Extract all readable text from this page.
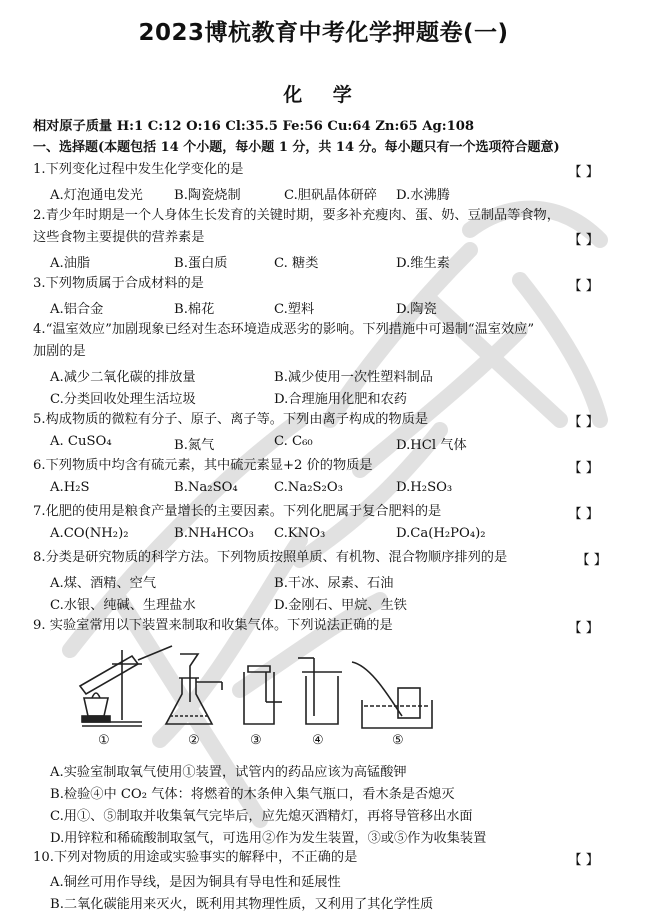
2023博杭教育中考化学押题卷(一)
化 学
相对原子质量 H:1 C:12 O:16 Cl:35.5 Fe:56 Cu:64 Zn:65 Ag:108
一、选择题(本题包括 14 个小题，每小题 1 分，共 14 分。每小题只有一个选项符合题意)
1.下列变化过程中发生化学变化的是	【 】
A.灯泡通电发光 B.陶瓷烧制	C.胆矾晶体研碎 D.水沸腾
2.青少年时期是一个人身体生长发育的关键时期，要多补充瘦肉、蛋、奶、豆制品等食物，
这些食物主要提供的营养素是	【 】
A.油脂	B.蛋白质	C. 糖类	D.维生素
3.下列物质属于合成材料的是	【 】
A.铝合金	B.棉花	C.塑料	D.陶瓷
4.“温室效应”加剧现象已经对生态环境造成恶劣的影响。下列措施中可遏制“温室效应”
加剧的是
A.减少二氧化碳的排放量	B.减少使用一次性塑料制品
C.分类回收处理生活垃圾	D.合理施用化肥和农药
5.构成物质的微粒有分子、原子、离子等。下列由离子构成的物质是	【 】
A. CuSO₄	B.氮气	C. C₆₀	D.HCl 气体
6.下列物质中均含有硫元素，其中硫元素显+2 价的物质是	【 】
A.H₂S	B.Na₂SO₄	C.Na₂S₂O₃	D.H₂SO₃
7.化肥的使用是粮食产量增长的主要因素。下列化肥属于复合肥料的是	【 】
A.CO(NH₂)₂	B.NH₄HCO₃ C.KNO₃	D.Ca(H₂PO₄)₂
8.分类是研究物质的科学方法。下列物质按照单质、有机物、混合物顺序排列的是	【 】
A.煤、酒精、空气	B.干冰、尿素、石油
C.水银、纯碱、生理盐水	D.金刚石、甲烷、生铁
9. 实验室常用以下装置来制取和收集气体。下列说法正确的是	【 】
①	②	③	④	⑤
A.实验室制取氧气使用①装置，试管内的药品应该为高锰酸钾
B.检验④中 CO₂ 气体：将燃着的木条伸入集气瓶口，看木条是否熄灭
C.用①、⑤制取并收集氧气完毕后，应先熄灭酒精灯，再将导管移出水面
D.用锌粒和稀硫酸制取氢气，可选用②作为发生装置，③或⑤作为收集装置
10.下列对物质的用途或实验事实的解释中，不正确的是	【 】
A.铜丝可用作导线，是因为铜具有导电性和延展性
B.二氧化碳能用来灭火，既利用其物理性质，又利用了其化学性质
